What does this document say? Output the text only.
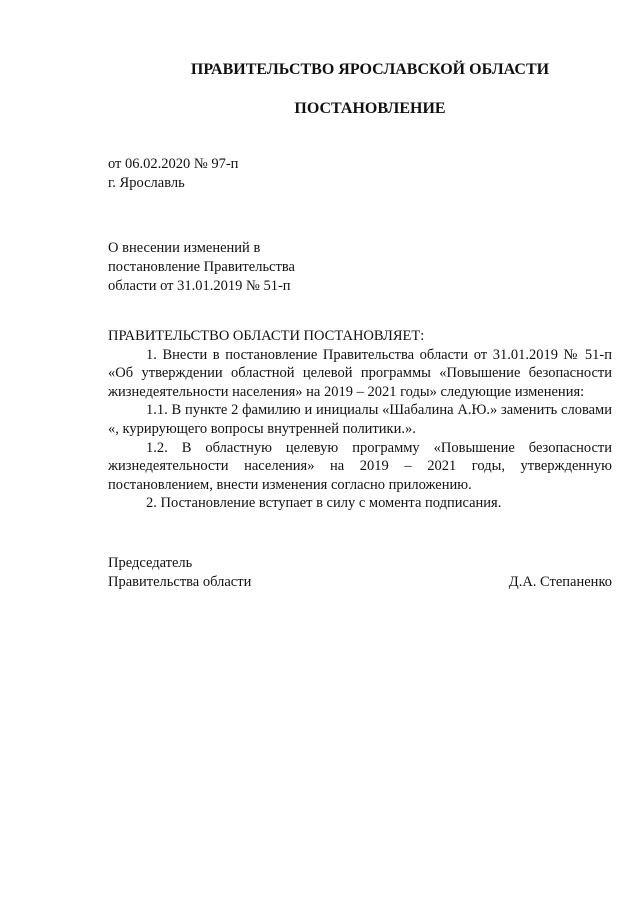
ПРАВИТЕЛЬСТВО ЯРОСЛАВСКОЙ ОБЛАСТИ
ПОСТАНОВЛЕНИЕ
от 06.02.2020 № 97-п
г. Ярославль
О внесении изменений в
постановление Правительства
области от 31.01.2019 № 51-п

ПРАВИТЕЛЬСТВО ОБЛАСТИ ПОСТАНОВЛЯЕТ:

1. Внести в постановление Правительства области от 31.01.2019 № 51-п «Об утверждении областной целевой программы «Повышение безопасности жизнедеятельности населения» на 2019 – 2021 годы» следующие изменения:

1.1. В пункте 2 фамилию и инициалы «Шабалина А.Ю.» заменить словами «, курирующего вопросы внутренней политики.».

1.2. В областную целевую программу «Повышение безопасности жизнедеятельности населения» на 2019 – 2021 годы, утвержденную постановлением, внести изменения согласно приложению.

2. Постановление вступает в силу с момента подписания.

Председатель
Правительства области	Д.А. Степаненко
